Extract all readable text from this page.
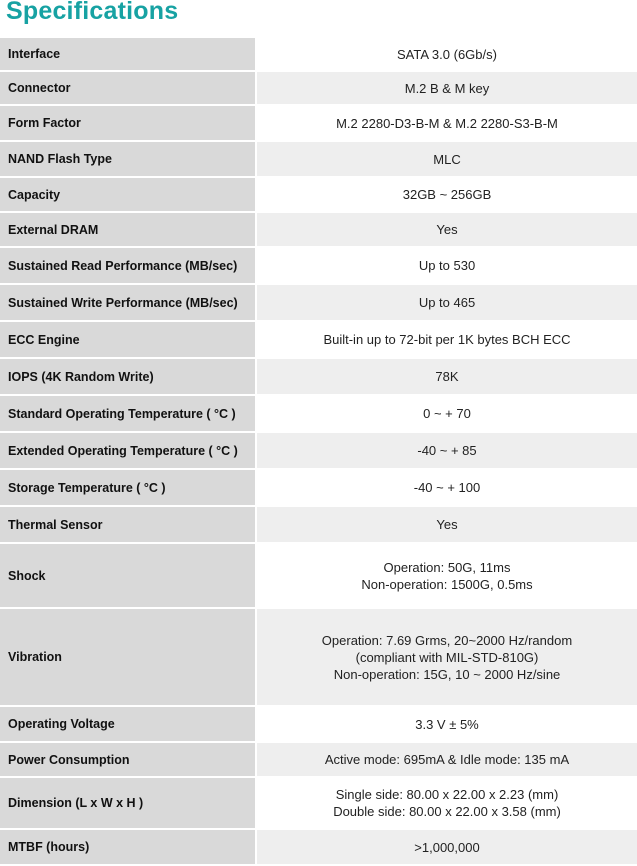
Specifications
Interface	SATA 3.0 (6Gb/s)

Connector	M.2 B & M key

Form Factor	M.2 2280-D3-B-M & M.2 2280-S3-B-M

NAND Flash Type	MLC

Capacity	32GB ~ 256GB

External DRAM	Yes

Sustained Read Performance (MB/sec)	Up to 530

Sustained Write Performance (MB/sec)	Up to 465

ECC Engine	Built-in up to 72-bit per 1K bytes BCH ECC

IOPS (4K Random Write)	78K

Standard Operating Temperature ( °C )	0 ~ + 70

Extended Operating Temperature ( °C )	-40 ~ + 85

Storage Temperature ( °C )	-40 ~ + 100

Thermal Sensor	Yes

Shock	Operation: 50G, 11ms
Non-operation: 1500G, 0.5ms

Vibration	Operation: 7.69 Grms, 20~2000 Hz/random
(compliant with MIL-STD-810G)
Non-operation: 15G, 10 ~ 2000 Hz/sine

Operating Voltage	3.3 V ± 5%

Power Consumption	Active mode: 695mA & Idle mode: 135 mA

Dimension (L x W x H )	Single side: 80.00 x 22.00 x 2.23 (mm)
Double side: 80.00 x 22.00 x 3.58 (mm)

MTBF (hours)	>1,000,000
